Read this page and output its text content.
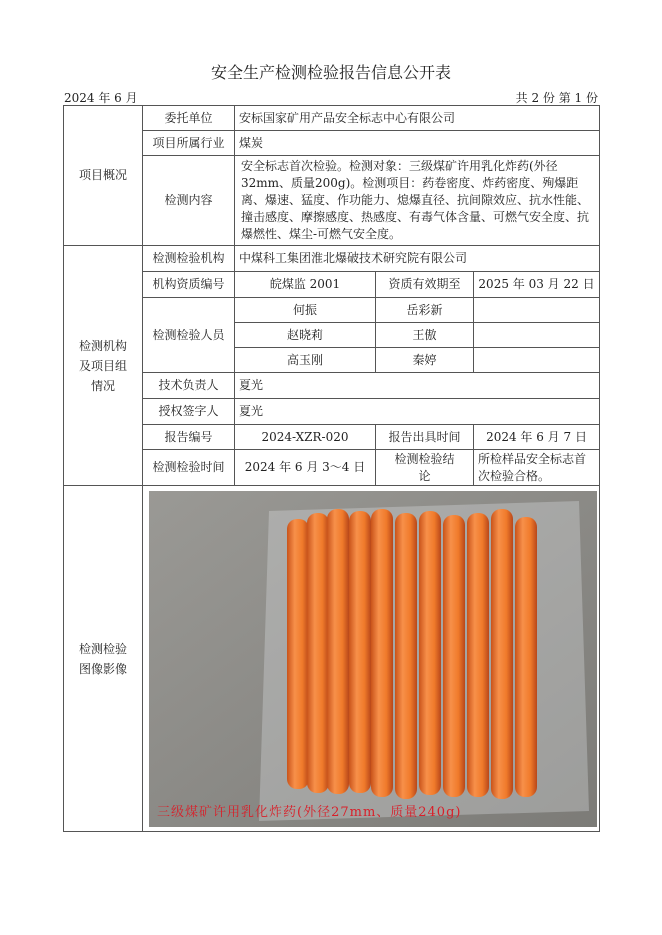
安全生产检测检验报告信息公开表
2024 年 6 月	共 2 份 第 1 份
项目概况	委托单位	安标国家矿用产品安全标志中心有限公司		
	项目所属行业	煤炭		
	检测内容	安全标志首次检验。检测对象：三级煤矿许用乳化炸药(外径32mm、质量200g)。检测项目：药卷密度、炸药密度、殉爆距离、爆速、猛度、作功能力、熄爆直径、抗间隙效应、抗水性能、撞击感度、摩擦感度、热感度、有毒气体含量、可燃气安全度、抗爆燃性、煤尘-可燃气安全度。		

检测机构及项目组情况	检测检验机构	中煤科工集团淮北爆破技术研究院有限公司		
	机构资质编号	皖煤监 2001	资质有效期至	2025 年 03 月 22 日
	检测检验人员	何振	岳彩新	
		赵晓莉	王傲	
		高玉刚	秦婷	
	技术负责人	夏光		
	授权签字人	夏光		
	报告编号	2024-XZR-020	报告出具时间	2024 年 6 月 7 日
	检测检验时间	2024 年 6 月 3～4 日	检测检验结论	所检样品安全标志首次检验合格。

检测检验图像影像	三级煤矿许用乳化炸药(外径27mm、质量240g)			
